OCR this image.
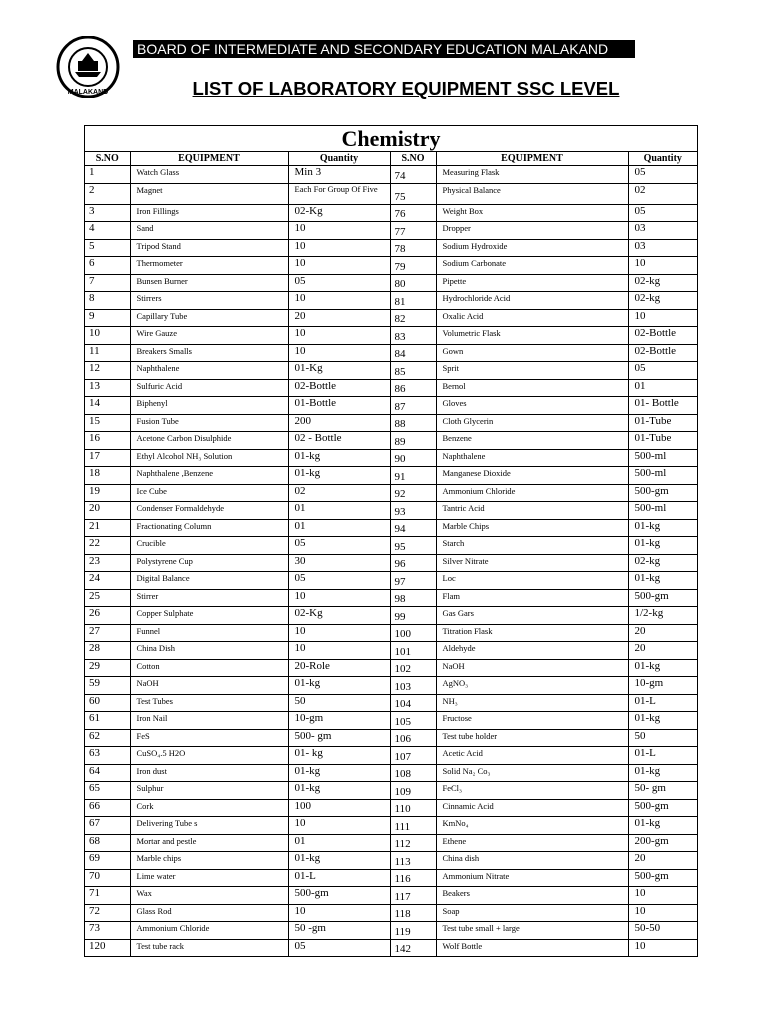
MALAKAND
BOARD OF INTERMEDIATE AND SECONDARY EDUCATION MALAKAND
LIST OF LABORATORY EQUIPMENT SSC LEVEL
Chemistry
S.NO	EQUIPMENT	Quantity	S.NO	EQUIPMENT	Quantity
1	Watch Glass	Min 3	74	Measuring Flask	05
2	Magnet	Each For Group Of Five	75	Physical Balance	02
3	Iron Fillings	02-Kg	76	Weight Box	05
4	Sand	10	77	Dropper	03
5	Tripod Stand	10	78	Sodium Hydroxide	03
6	Thermometer	10	79	Sodium Carbonate	10
7	Bunsen Burner	05	80	Pipette	02-kg
8	Stirrers	10	81	Hydrochloride Acid	02-kg
9	Capillary Tube	20	82	Oxalic Acid	10
10	Wire Gauze	10	83	Volumetric Flask	02-Bottle
11	Breakers Smalls	10	84	Gown	02-Bottle
12	Naphthalene	01-Kg	85	Sprit	05
13	Sulfuric Acid	02-Bottle	86	Bernol	01
14	Biphenyl	01-Bottle	87	Gloves	01- Bottle
15	Fusion Tube	200	88	Cloth Glycerin	01-Tube
16	Acetone Carbon Disulphide	02 - Bottle	89	Benzene	01-Tube
17	Ethyl Alcohol NH₃ Solution	01-kg	90	Naphthalene	500-ml
18	Naphthalene ,Benzene	01-kg	91	Manganese Dioxide	500-ml
19	Ice Cube	02	92	Ammonium Chloride	500-gm
20	Condenser Formaldehyde	01	93	Tantric Acid	500-ml
21	Fractionating Column	01	94	Marble Chips	01-kg
22	Crucible	05	95	Starch	01-kg
23	Polystyrene Cup	30	96	Silver Nitrate	02-kg
24	Digital Balance	05	97	Loc	01-kg
25	Stirrer	10	98	Flam	500-gm
26	Copper Sulphate	02-Kg	99	Gas Gars	1/2-kg
27	Funnel	10	100	Titration Flask	20
28	China Dish	10	101	Aldehyde	20
29	Cotton	20-Role	102	NaOH	01-kg
59	NaOH	01-kg	103	AgNO₃	10-gm
60	Test Tubes	50	104	NH₃	01-L
61	Iron Nail	10-gm	105	Fructose	01-kg
62	FeS	500- gm	106	Test tube holder	50
63	CuSO₄.5 H2O	01- kg	107	Acetic Acid	01-L
64	Iron dust	01-kg	108	Solid Na₂ Co₃	01-kg
65	Sulphur	01-kg	109	FeCl₃	50- gm
66	Cork	100	110	Cinnamic Acid	500-gm
67	Delivering Tube s	10	111	KmNo₄	01-kg
68	Mortar and pestle	01	112	Ethene	200-gm
69	Marble chips	01-kg	113	China dish	20
70	Lime water	01-L	116	Ammonium Nitrate	500-gm
71	Wax	500-gm	117	Beakers	10
72	Glass Rod	10	118	Soap	10
73	Ammonium Chloride	50 -gm	119	Test tube small + large	50-50
120	Test tube rack	05	142	Wolf Bottle	10
